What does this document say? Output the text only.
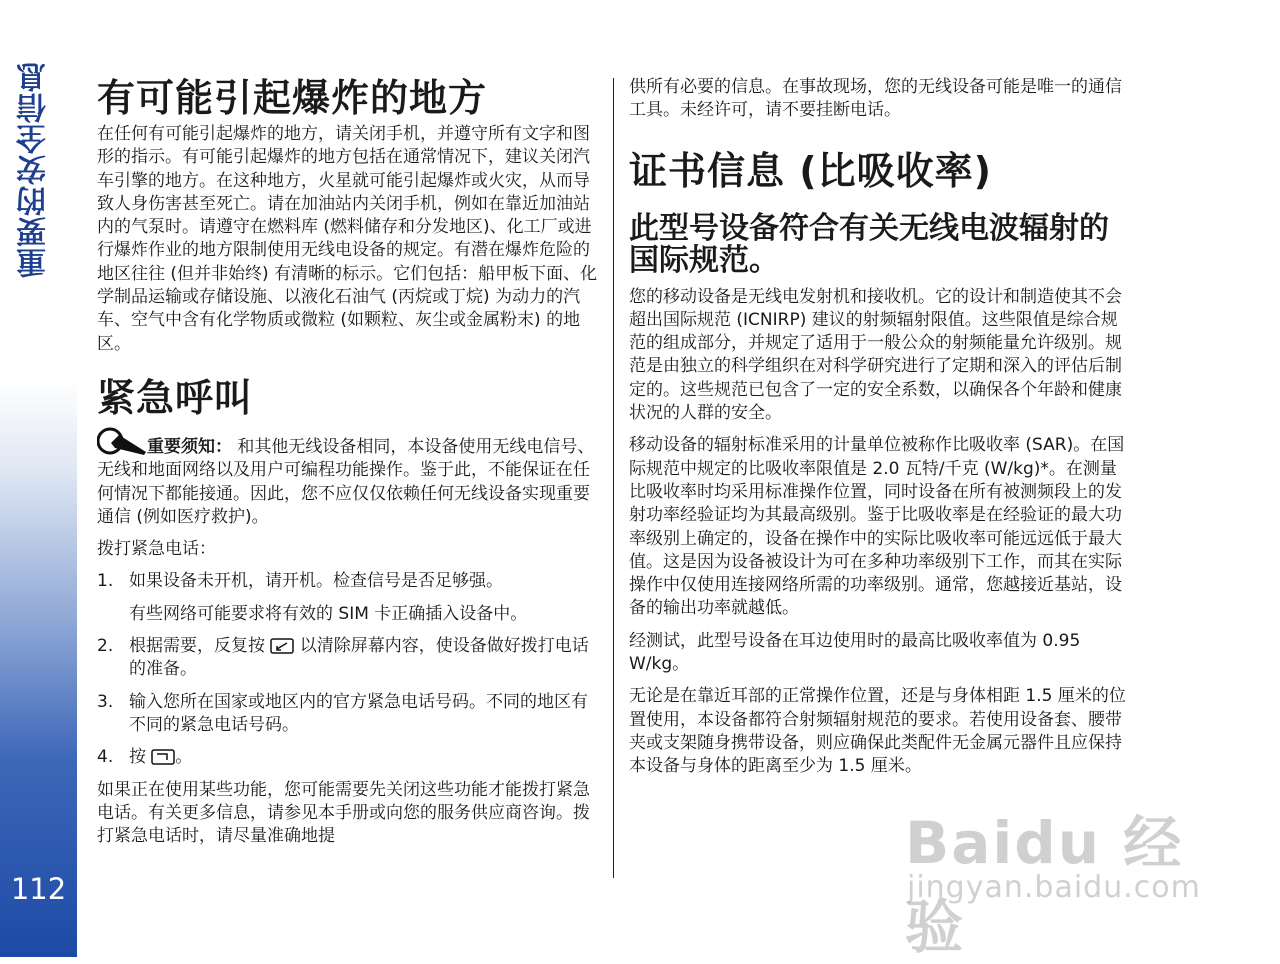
重要的安全信息
112
有可能引起爆炸的地方

在任何有可能引起爆炸的地方，请关闭手机，并遵守所有文字和图形的指示。有可能引起爆炸的地方包括在通常情况下，建议关闭汽车引擎的地方。在这种地方，火星就可能引起爆炸或火灾，从而导致人身伤害甚至死亡。请在加油站内关闭手机，例如在靠近加油站内的气泵时。请遵守在燃料库 (燃料储存和分发地区)、化工厂或进行爆炸作业的地方限制使用无线电设备的规定。有潜在爆炸危险的地区往往 (但并非始终) 有清晰的标示。它们包括：船甲板下面、化学制品运输或存储设施、以液化石油气 (丙烷或丁烷) 为动力的汽车、空气中含有化学物质或微粒 (如颗粒、灰尘或金属粉末) 的地区。

紧急呼叫

重要须知： 和其他无线设备相同，本设备使用无线电信号、无线和地面网络以及用户可编程功能操作。鉴于此，不能保证在任何情况下都能接通。因此，您不应仅仅依赖任何无线设备实现重要通信 (例如医疗救护)。

拨打紧急电话：

1. 如果设备未开机，请开机。检查信号是否足够强。
有些网络可能要求将有效的 SIM 卡正确插入设备中。
2. 根据需要，反复按  以清除屏幕内容，使设备做好拨打电话的准备。
3. 输入您所在国家或地区内的官方紧急电话号码。不同的地区有不同的紧急电话号码。
4. 按 。

如果正在使用某些功能，您可能需要先关闭这些功能才能拨打紧急电话。有关更多信息，请参见本手册或向您的服务供应商咨询。拨打紧急电话时，请尽量准确地提

供所有必要的信息。在事故现场，您的无线设备可能是唯一的通信工具。未经许可，请不要挂断电话。

证书信息 (比吸收率)
此型号设备符合有关无线电波辐射的国际规范。

您的移动设备是无线电发射机和接收机。它的设计和制造使其不会超出国际规范 (ICNIRP) 建议的射频辐射限值。这些限值是综合规范的组成部分，并规定了适用于一般公众的射频能量允许级别。规范是由独立的科学组织在对科学研究进行了定期和深入的评估后制定的。这些规范已包含了一定的安全系数，以确保各个年龄和健康状况的人群的安全。

移动设备的辐射标准采用的计量单位被称作比吸收率 (SAR)。在国际规范中规定的比吸收率限值是 2.0 瓦特/千克 (W/kg)*。在测量比吸收率时均采用标准操作位置，同时设备在所有被测频段上的发射功率经验证均为其最高级别。鉴于比吸收率是在经验证的最大功率级别上确定的，设备在操作中的实际比吸收率可能远远低于最大值。这是因为设备被设计为可在多种功率级别下工作，而其在实际操作中仅使用连接网络所需的功率级别。通常，您越接近基站，设备的输出功率就越低。

经测试，此型号设备在耳边使用时的最高比吸收率值为 0.95 W/kg。

无论是在靠近耳部的正常操作位置，还是与身体相距 1.5 厘米的位置使用，本设备都符合射频辐射规范的要求。若使用设备套、腰带夹或支架随身携带设备，则应确保此类配件无金属元器件且应保持本设备与身体的距离至少为 1.5 厘米。

Baidu 经验
jingyan.baidu.com
